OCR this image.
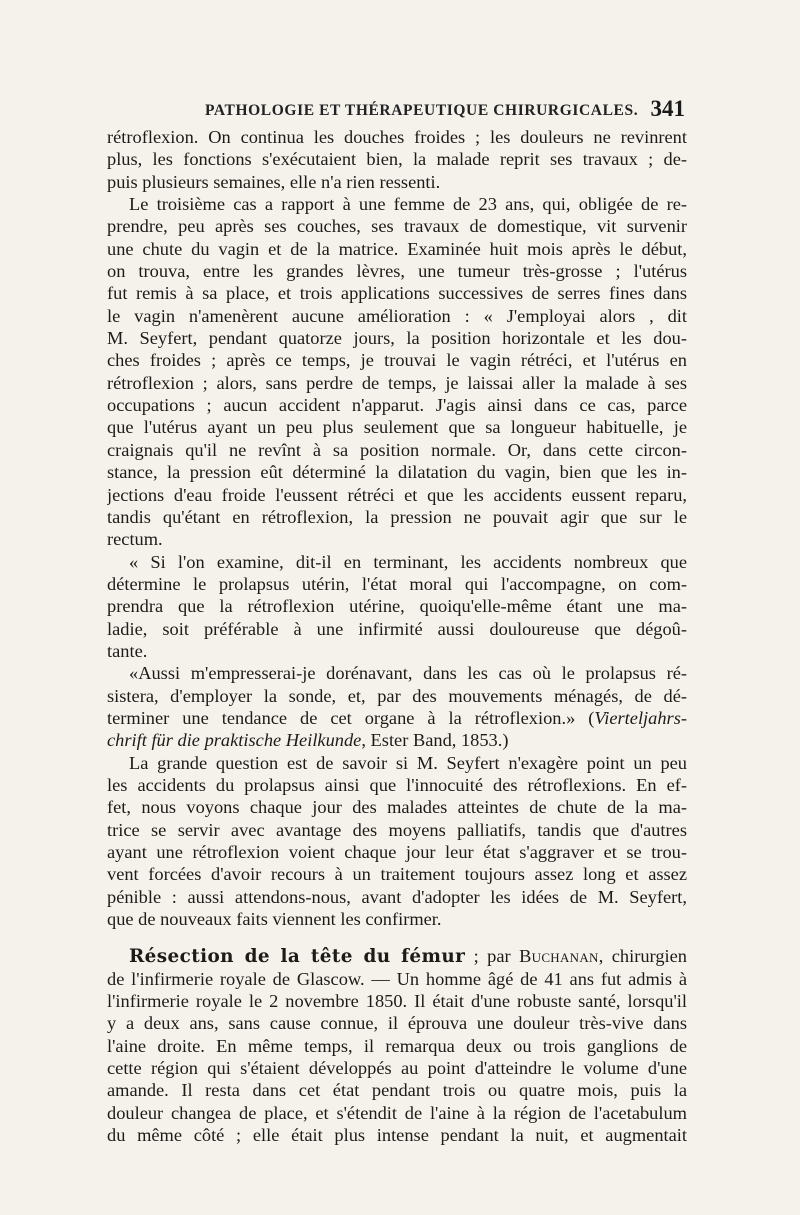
PATHOLOGIE ET THÉRAPEUTIQUE CHIRURGICALES. 341
rétroflexion. On continua les douches froides ; les douleurs ne revinrent
plus, les fonctions s'exécutaient bien, la malade reprit ses travaux ; de-
puis plusieurs semaines, elle n'a rien ressenti.
Le troisième cas a rapport à une femme de 23 ans, qui, obligée de re-
prendre, peu après ses couches, ses travaux de domestique, vit survenir
une chute du vagin et de la matrice. Examinée huit mois après le début,
on trouva, entre les grandes lèvres, une tumeur très-grosse ; l'utérus
fut remis à sa place, et trois applications successives de serres fines dans
le vagin n'amenèrent aucune amélioration : « J'employai alors , dit
M. Seyfert, pendant quatorze jours, la position horizontale et les dou-
ches froides ; après ce temps, je trouvai le vagin rétréci, et l'utérus en
rétroflexion ; alors, sans perdre de temps, je laissai aller la malade à ses
occupations ; aucun accident n'apparut. J'agis ainsi dans ce cas, parce
que l'utérus ayant un peu plus seulement que sa longueur habituelle, je
craignais qu'il ne revînt à sa position normale. Or, dans cette circon-
stance, la pression eût déterminé la dilatation du vagin, bien que les in-
jections d'eau froide l'eussent rétréci et que les accidents eussent reparu,
tandis qu'étant en rétroflexion, la pression ne pouvait agir que sur le
rectum.
« Si l'on examine, dit-il en terminant, les accidents nombreux que
détermine le prolapsus utérin, l'état moral qui l'accompagne, on com-
prendra que la rétroflexion utérine, quoiqu'elle-même étant une ma-
ladie, soit préférable à une infirmité aussi douloureuse que dégoû-
tante.
«Aussi m'empresserai-je dorénavant, dans les cas où le prolapsus ré-
sistera, d'employer la sonde, et, par des mouvements ménagés, de dé-
terminer une tendance de cet organe à la rétroflexion.» (Vierteljahrs-
chrift für die praktische Heilkunde, Ester Band, 1853.)
La grande question est de savoir si M. Seyfert n'exagère point un peu
les accidents du prolapsus ainsi que l'innocuité des rétroflexions. En ef-
fet, nous voyons chaque jour des malades atteintes de chute de la ma-
trice se servir avec avantage des moyens palliatifs, tandis que d'autres
ayant une rétroflexion voient chaque jour leur état s'aggraver et se trou-
vent forcées d'avoir recours à un traitement toujours assez long et assez
pénible : aussi attendons-nous, avant d'adopter les idées de M. Seyfert,
que de nouveaux faits viennent les confirmer.
Résection de la tête du fémur ; par Buchanan, chirurgien
de l'infirmerie royale de Glascow. — Un homme âgé de 41 ans fut admis à
l'infirmerie royale le 2 novembre 1850. Il était d'une robuste santé, lorsqu'il
y a deux ans, sans cause connue, il éprouva une douleur très-vive dans
l'aine droite. En même temps, il remarqua deux ou trois ganglions de
cette région qui s'étaient développés au point d'atteindre le volume d'une
amande. Il resta dans cet état pendant trois ou quatre mois, puis la
douleur changea de place, et s'étendit de l'aine à la région de l'acetabulum
du même côté ; elle était plus intense pendant la nuit, et augmentait
